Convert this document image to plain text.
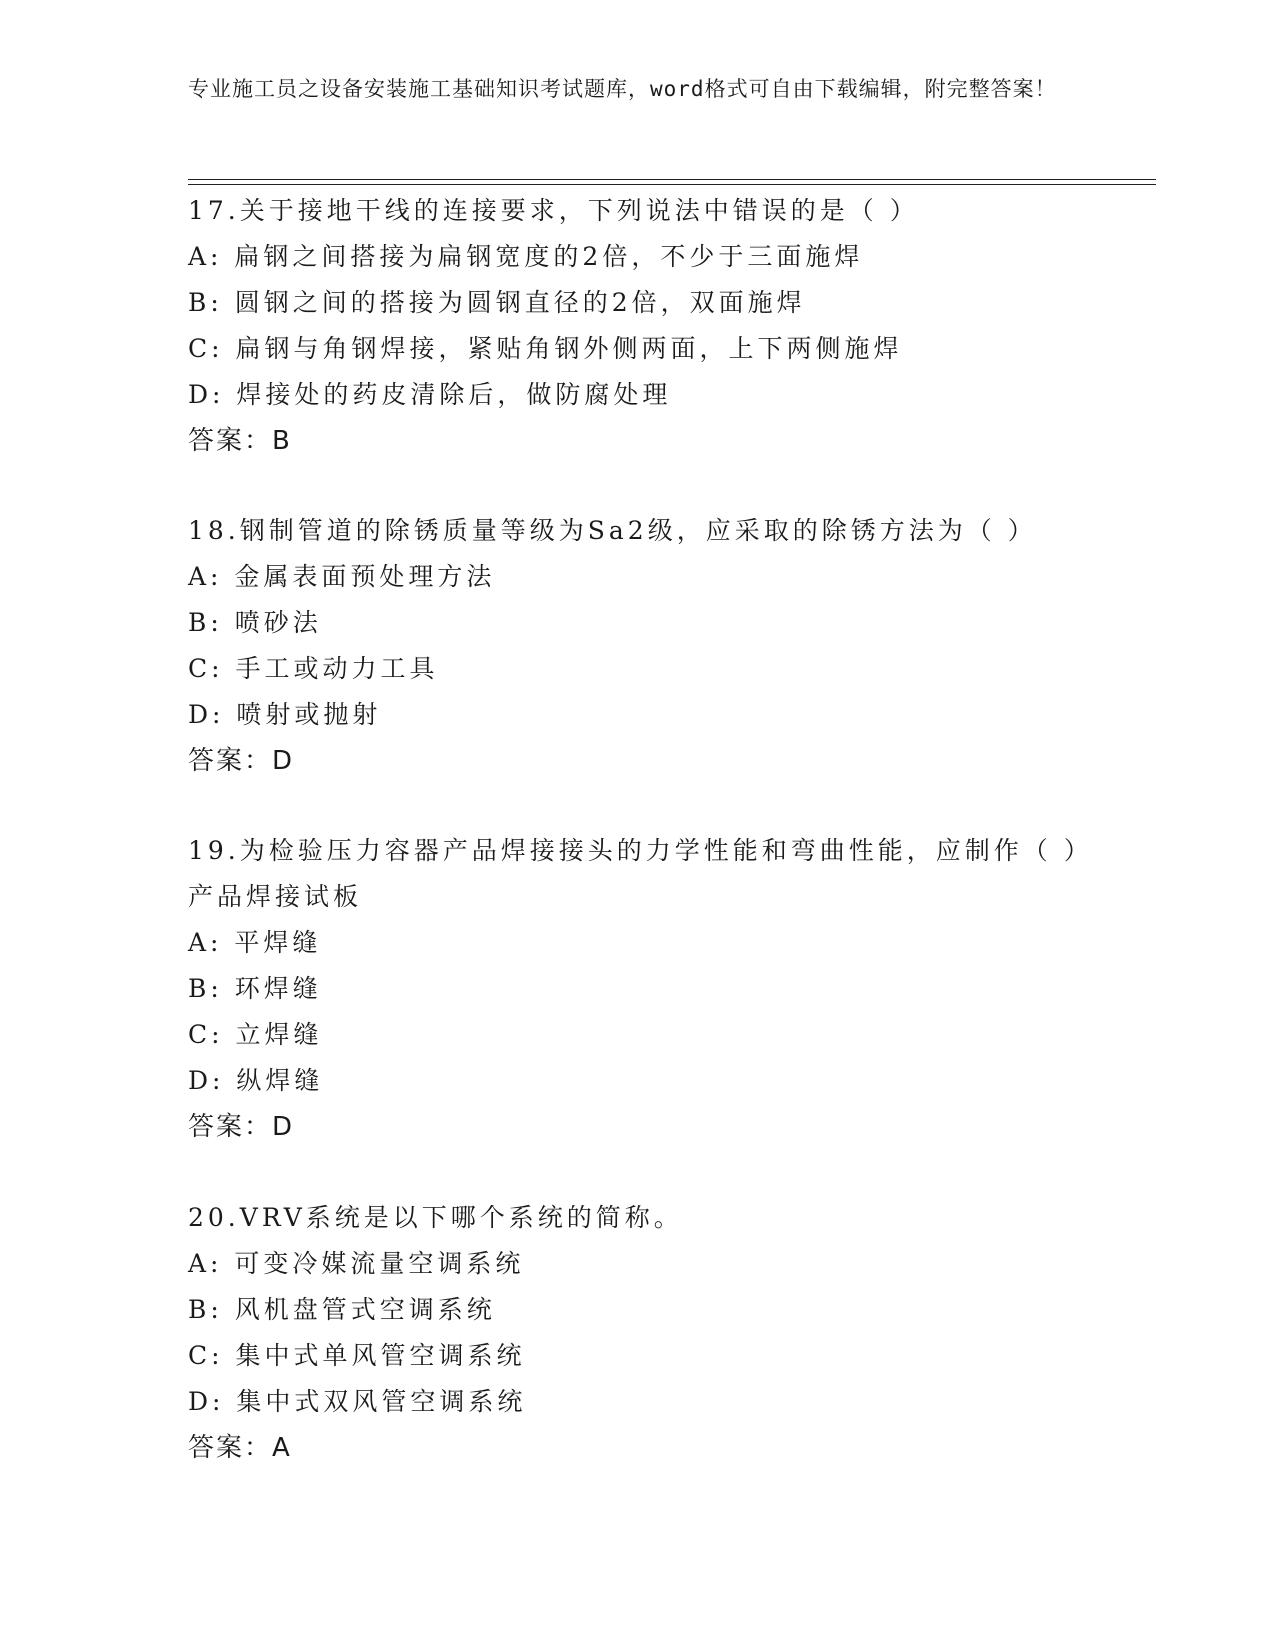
专业施工员之设备安装施工基础知识考试题库，word格式可自由下载编辑，附完整答案！

17.关于接地干线的连接要求，下列说法中错误的是（ ）

A: 扁钢之间搭接为扁钢宽度的2倍，不少于三面施焊

B: 圆钢之间的搭接为圆钢直径的2倍，双面施焊

C: 扁钢与角钢焊接，紧贴角钢外侧两面，上下两侧施焊

D: 焊接处的药皮清除后，做防腐处理

答案：B

18.钢制管道的除锈质量等级为Sa2级，应采取的除锈方法为（ ）

A: 金属表面预处理方法

B: 喷砂法

C: 手工或动力工具

D: 喷射或抛射

答案：D

19.为检验压力容器产品焊接接头的力学性能和弯曲性能，应制作（ ）产品焊接试板

A: 平焊缝

B: 环焊缝

C: 立焊缝

D: 纵焊缝

答案：D

20.VRV系统是以下哪个系统的简称。

A: 可变冷媒流量空调系统

B: 风机盘管式空调系统

C: 集中式单风管空调系统

D: 集中式双风管空调系统

答案：A
